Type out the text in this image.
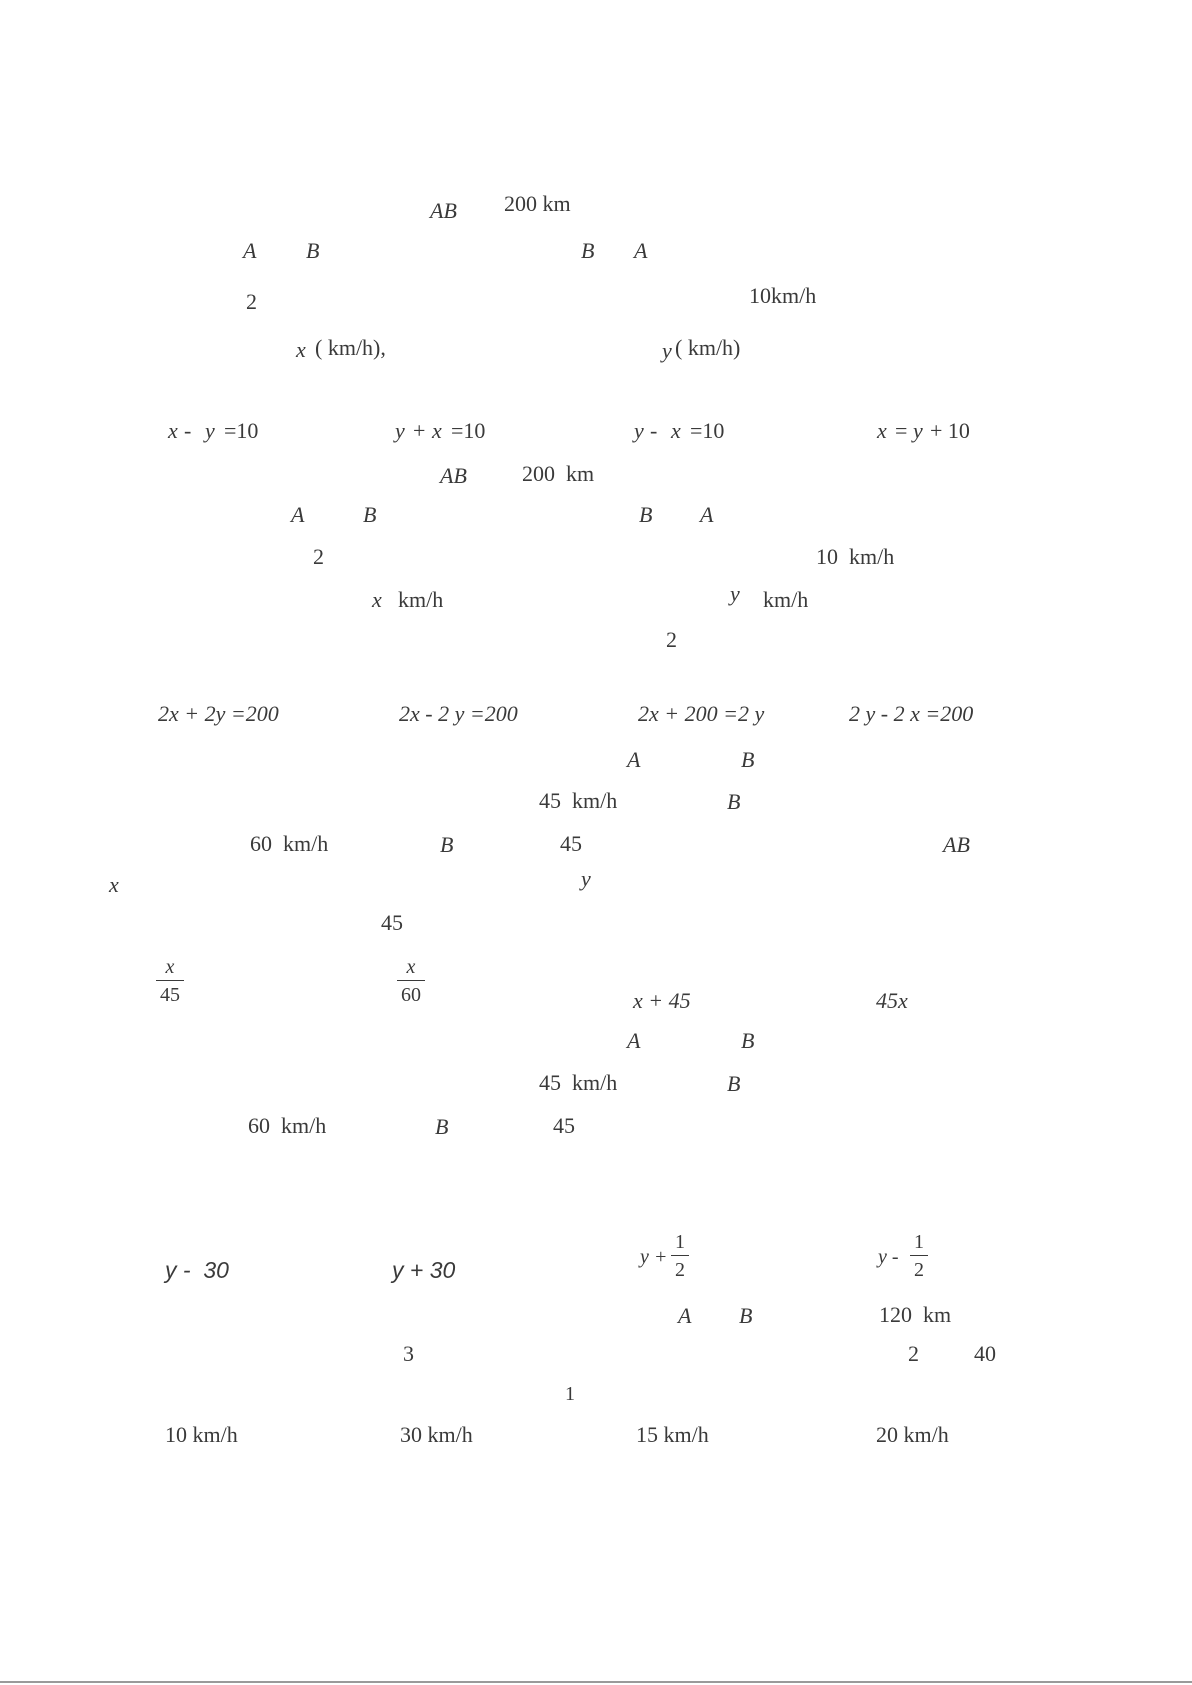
AB 200 km
A B	B A
2	10km/h
x ( km/h),	y ( km/h)
x - y =10	y + x =10	y - x =10	x = y + 10
AB	200  km
A	B	B A
2	10  km/h
x km/h	y km/h
2
2x + 2y =200	2x - 2 y =200	2x + 200 =2 y	2 y - 2 x =200
A	B
45  km/h	B
60  km/h	B	45	AB
x	y
45
$\frac{x}{45}$	$\frac{x}{60}$	x + 45	45x
A	B
45  km/h	B
60  km/h	B	45
y -  30	y + 30	$y + \frac{1}{2}$	y - $\frac{1}{2}$
A B	120  km
3	2	40
1
10 km/h	30 km/h	15 km/h	20 km/h
